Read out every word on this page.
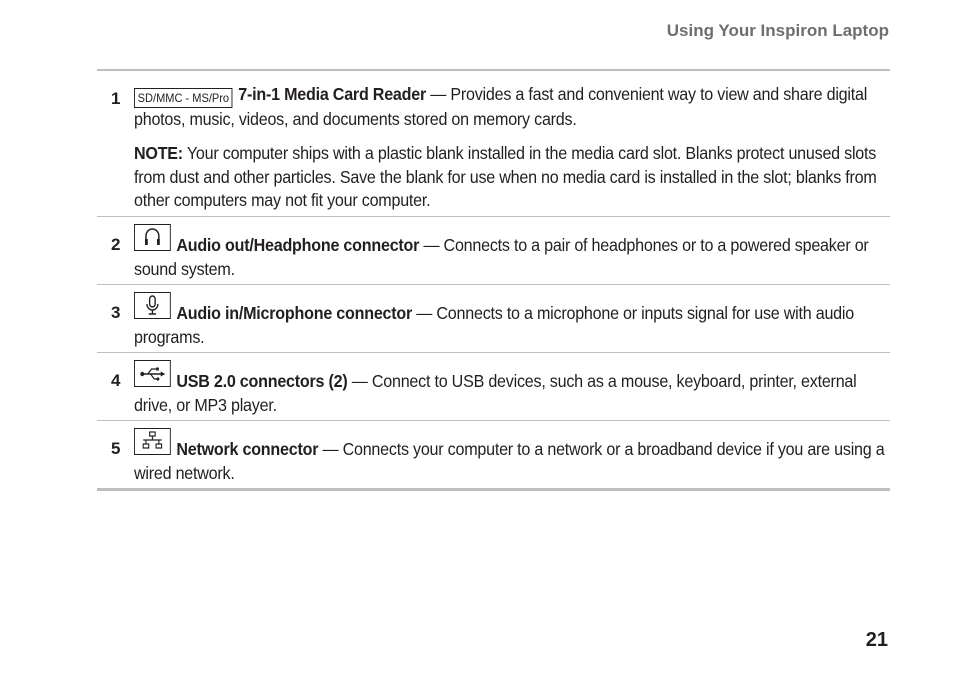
Using Your Inspiron Laptop
1	SD/MMC - MS/Pro 7-in-1 Media Card Reader — Provides a fast and convenient way to view and share digital photos, music, videos, and documents stored on memory cards.

NOTE: Your computer ships with a plastic blank installed in the media card slot. Blanks protect unused slots from dust and other particles. Save the blank for use when no media card is installed in the slot; blanks from other computers may not fit your computer.

2	Audio out/Headphone connector — Connects to a pair of headphones or to a powered speaker or sound system.

3	Audio in/Microphone connector — Connects to a microphone or inputs signal for use with audio programs.

4	USB 2.0 connectors (2) — Connect to USB devices, such as a mouse, keyboard, printer, external drive, or MP3 player.

5	Network connector — Connects your computer to a network or a broadband device if you are using a wired network.

21
